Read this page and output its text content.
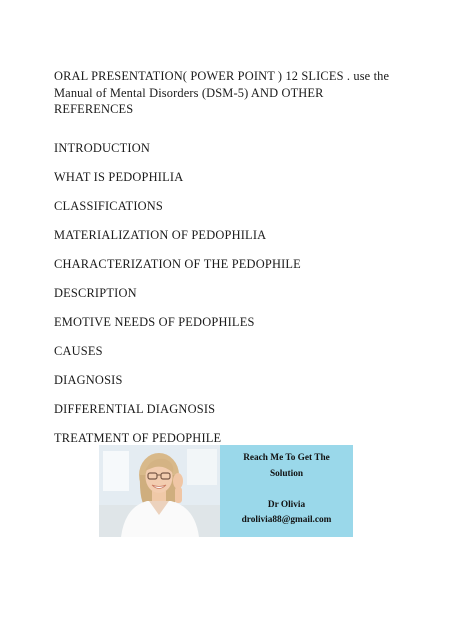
ORAL PRESENTATION( POWER POINT ) 12 SLICES . use the Manual of Mental Disorders (DSM-5) AND OTHER REFERENCES
INTRODUCTION
WHAT IS PEDOPHILIA
CLASSIFICATIONS
MATERIALIZATION OF PEDOPHILIA
CHARACTERIZATION OF THE PEDOPHILE
DESCRIPTION
EMOTIVE NEEDS OF PEDOPHILES
CAUSES
DIAGNOSIS
DIFFERENTIAL DIAGNOSIS
TREATMENT OF PEDOPHILE
Reach Me To Get The
Solution
Dr Olivia
drolivia88@gmail.com
